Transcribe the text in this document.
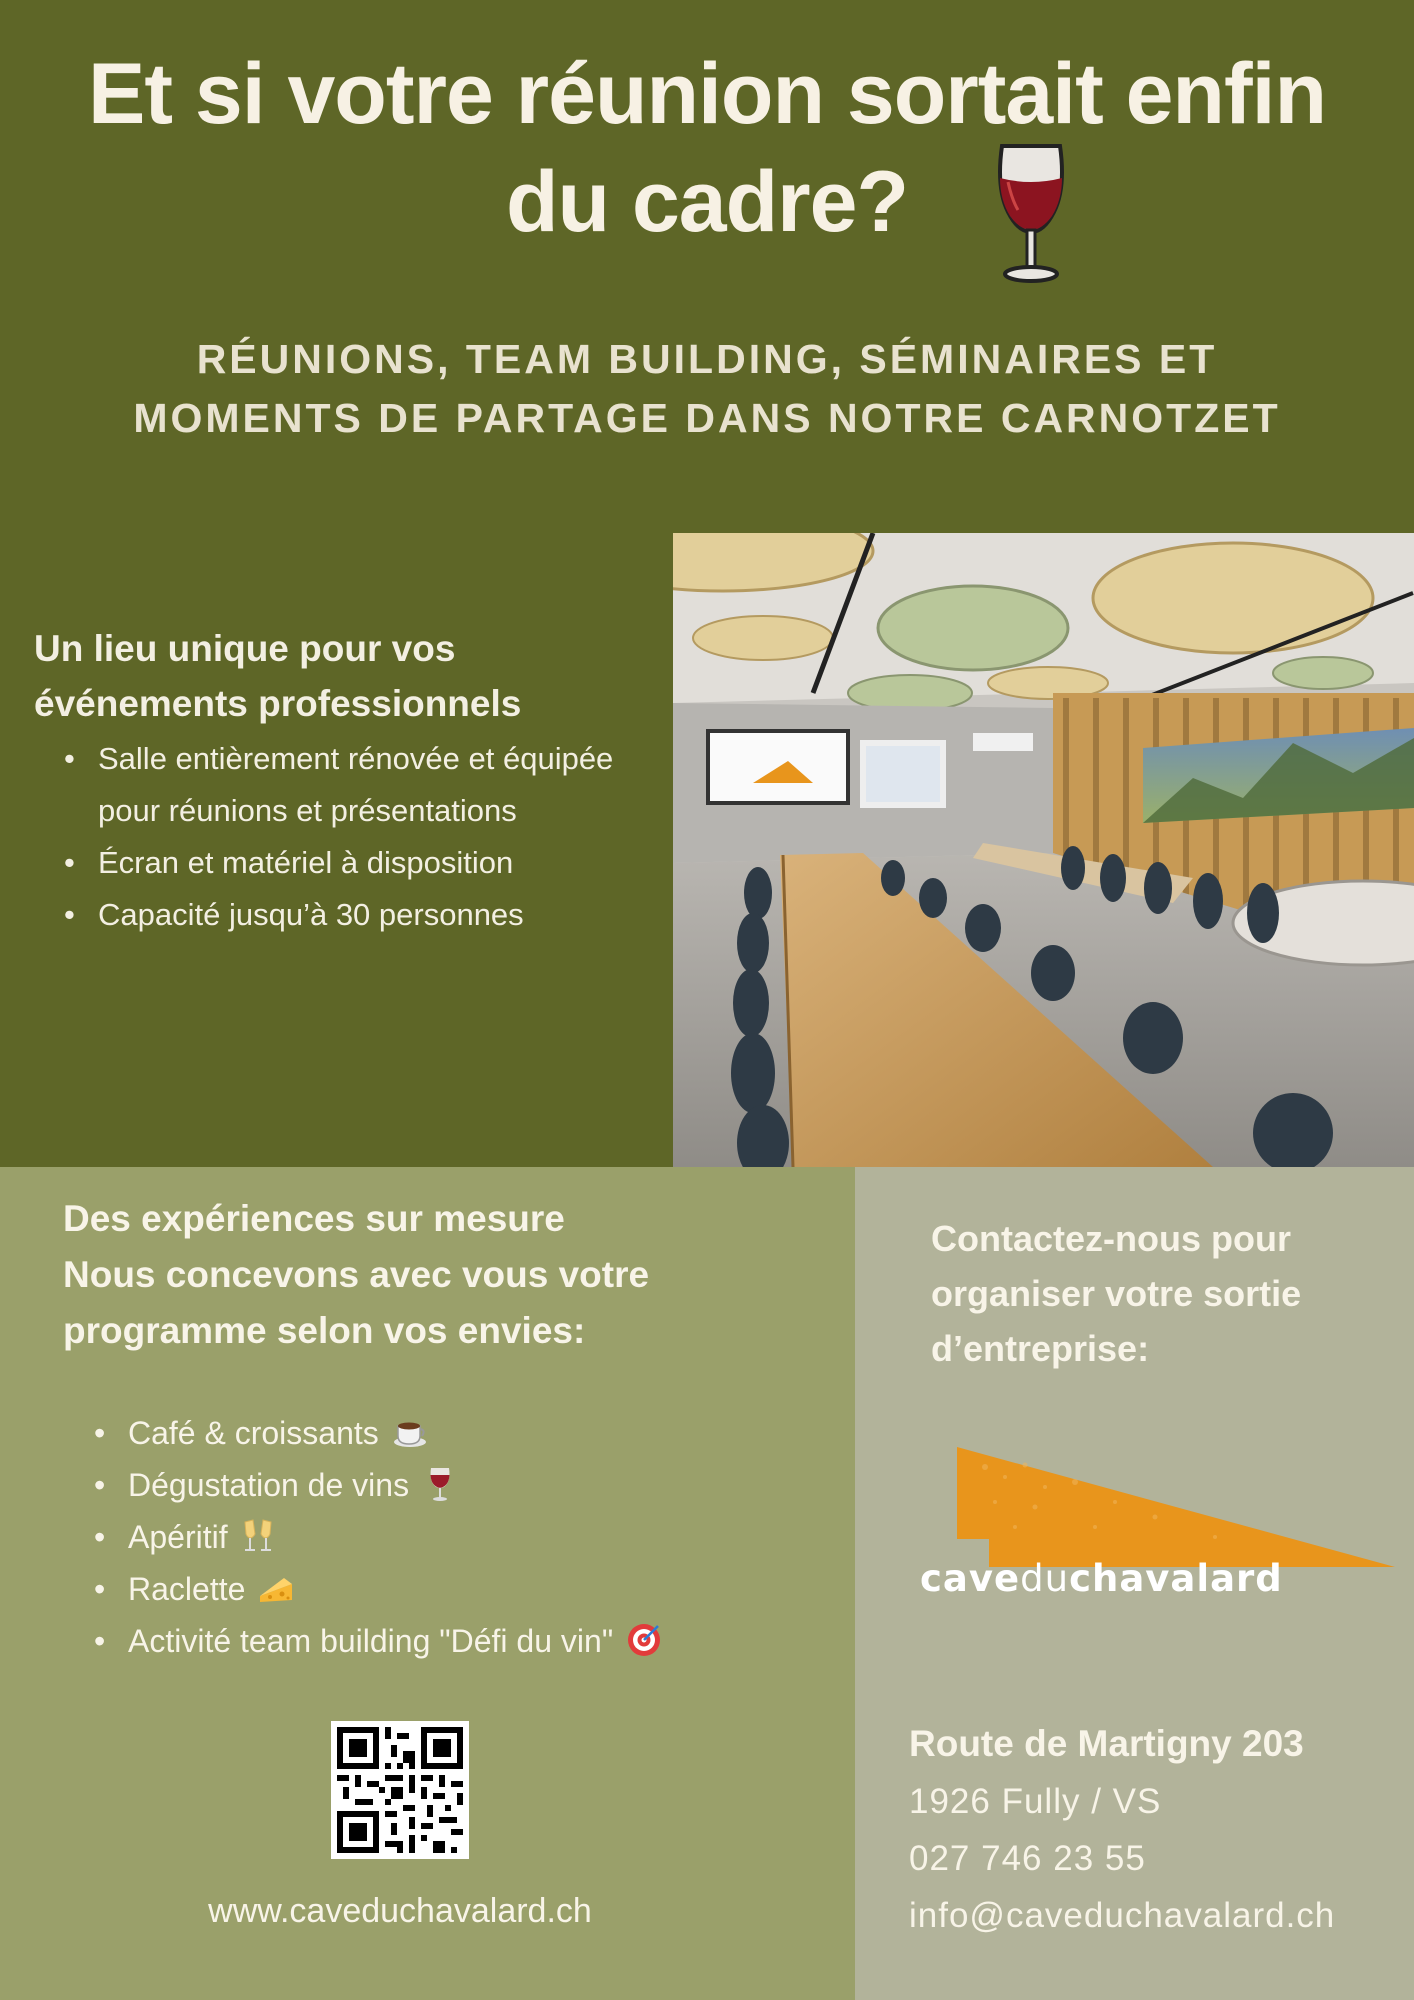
Et si votre réunion sortait enfin
du cadre?
RÉUNIONS, TEAM BUILDING, SÉMINAIRES ET
MOMENTS DE PARTAGE DANS NOTRE CARNOTZET
Un lieu unique pour vos événements professionnels
• Salle entièrement rénovée et équipée pour réunions et présentations
• Écran et matériel à disposition
• Capacité jusqu’à 30 personnes
Des expériences sur mesure
Nous concevons avec vous votre
programme selon vos envies:
• Café & croissants
• Dégustation de vins
• Apéritif
• Raclette
• Activité team building "Défi du vin"
www.caveduchavalard.ch
Contactez-nous pour
organiser votre sortie
d’entreprise:
caveduchavalard
Route de Martigny 203
1926 Fully / VS
027 746 23 55
info@caveduchavalard.ch
